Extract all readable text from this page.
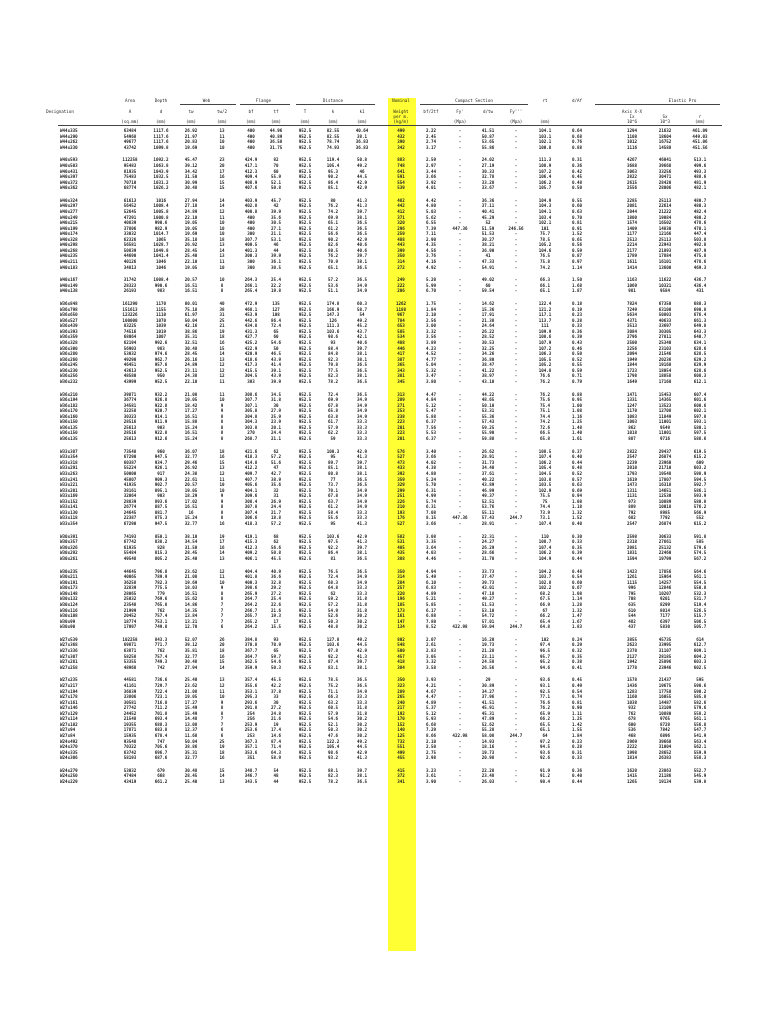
Area	Depth	Web	Flange	Distance	Nominal	Compact Section	rt	d/Af	Elastic Pro
Designation	A	d	tw	tw/2	bf	tf	T	k	k1	Weight	bf/2tf	Fy'	d/tw	Fy'''	Axis X-X
per m.	Ix	Sx	r
(sq.mm)	(mm)	(mm)	(mm)	(mm)	(mm)	(mm)	(mm)	(mm)	(kg/m)	(Mpa)	(Mpa)	(mm)	10^6	10^3	(mm)
W44x335	63484	1117.6	26.92	13	400	44.96	952.5	82.55	40.64	499	2.22	-	41.51	-	104.1	0.64	1294	21632	461.09
W44x290	54968	1117.6	21.97	11	400	40.89	952.5	82.55	38.1	432	2.45	-	50.87	-	103.1	0.68	1108	18604	449.03
W44x262	49677	1117.6	20.83	10	400	36.58	952.5	78.74	36.83	390	2.74	-	53.65	-	102.1	0.76	1012	16752	451.06
W44x230	43742	1099.8	19.69	10	400	31.75	952.5	74.93	36.83	342	3.17	-	55.86	-	100.8	0.88	1116	14588	451.56
W40x593	112258	1092.2	45.47	23	424.9	82	952.5	119.4	50.8	883	2.59	-	24.02	-	111.3	0.31	4267	46041	513.1
W40x503	95483	1063.8	39.12	20	417.1	70	952.5	105.4	49.2	748	2.97	-	27.19	-	108.9	0.36	3688	39668	499.6
W40x431	81935	1043.9	34.42	17	412.3	60	952.5	95.3	46	641	3.44	-	30.33	-	107.2	0.42	3063	33256	493.3
W40x397	75483	1032.5	31.50	16	409.4	55.9	952.5	90.2	44.5	591	3.66	-	32.78	-	106.4	0.45	2822	30471	488.6
W40x372	70710	1031.2	30.99	15	408.9	52.1	952.5	86.4	42.9	554	3.92	-	33.28	-	106.2	0.48	2615	28420	481.9
W40x362	68774	1026.2	30.48	15	407.6	50.8	952.5	85.1	42.9	539	4.01	-	33.67	-	105.7	0.50	2556	28006	482.1
W40x324	61613	1016	27.94	14	403.9	45.7	952.5	80	41.3	482	4.42	-	36.36	-	104.9	0.55	2285	25113	480.7
W40x297	56452	1008.4	27.18	14	402.8	42	952.5	76.2	41.3	442	4.80	-	37.11	-	104.3	0.60	2081	22614	480.3
W40x277	52645	1005.8	24.89	12	400.8	39.9	952.5	74.2	39.7	412	5.03	-	40.41	-	104.1	0.63	2044	21222	482.4
W40x249	47291	1000.8	22.10	11	400	35.6	952.5	69.9	38.1	371	5.62	-	45.29	-	103.4	0.70	1800	19084	480.2
W40x215	40839	990.6	19.05	10	400	30.5	952.5	65.1	36.5	320	6.55	-	52	-	102.1	0.81	1574	16502	478.6
W40x199	37806	982.9	19.05	10	400	27.1	952.5	61.2	36.5	296	7.39	447.36	51.59	246.56	101	0.91	1409	14830	470.1
W40x174	33032	1014.7	19.69	10	300	21.1	952.5	56.6	36.5	259	7.11	-	51.53	-	75.7	1.52	1177	12166	447.4
W40x328	62326	1065	35.18	18	307.7	53.1	952.5	90.2	42.9	488	2.90	-	30.27	-	78.5	0.65	2513	25113	503.8
W40x298	56581	1028.7	26.92	13	400.5	46	952.5	82.6	40.6	443	4.35	-	38.21	-	105.2	0.56	2214	22943	492.8
W40x268	50839	1049.8	28.45	14	401.3	44	952.5	80.5	40.6	399	4.56	-	36.90	-	104.6	0.59	2177	21893	487.9
W40x235	44690	1041.4	25.40	13	300.3	39.9	952.5	76.2	39.7	350	3.76	-	41	-	76.5	0.87	1789	17884	475.8
W40x211	40126	1046	22.10	11	300	36.1	952.5	70.9	38.1	314	4.16	-	47.33	-	75.8	0.97	1611	16101	478.6
W40x183	34813	1046	19.05	10	300	30.5	952.5	65.1	36.5	272	4.92	-	54.91	-	74.2	1.14	1414	13600	469.3
W40x167	31742	1008.4	20.57	10	264.3	25.4	952.5	57.2	36.5	249	5.20	-	49.02	-	66.3	1.50	1163	11622	436.7
W40x149	28323	990.6	16.51	8	266.1	22.2	952.5	53.6	34.9	222	5.99	-	60	-	66.1	1.68	1069	10321	436.4
W40x138	26193	983	16.51	8	265.4	19.8	952.5	51.1	34.9	206	6.70	-	59.54	-	65.1	1.87	981	9584	431
W36x848	161290	1170	80.01	40	472.9	135	952.5	174.8	60.3	1262	1.75	-	14.62	-	122.4	0.18	7824	67350	688.3
W36x798	151613	1155	75.18	38	468.1	127	952.5	166.9	58.7	1188	1.84	-	15.36	-	121.2	0.19	7249	63100	690.8
W36x650	123226	1110	61.97	31	453.9	108	952.5	147.3	54	967	2.10	-	17.91	-	117.1	0.23	5634	50803	676.4
W36x527	100000	1070	50.04	25	442.6	86.4	952.5	126	49.2	784	2.56	-	21.38	-	113.7	0.28	4371	40633	661.3
W36x439	83225	1039	42.16	21	434.8	72.4	952.5	111.3	45.2	653	3.00	-	24.64	-	111	0.33	3513	33697	649.8
W36x393	74516	1019	38.86	19	431.3	65	952.5	103.6	43.7	585	3.32	-	26.22	-	109.9	0.36	3084	30305	643.3
W36x359	68064	1007	35.31	18	427.7	60	952.5	98.6	42.1	534	3.56	-	28.52	-	108.6	0.39	2796	27811	640.7
W36x328	62194	992.6	32.51	16	425.2	54.6	952.5	93	40.6	488	3.89	-	30.53	-	107.9	0.43	2500	25340	634.1
W36x300	56903	983	30.48	15	422.9	50	952.5	88.4	39.7	446	4.23	-	32.25	-	107.2	0.46	2256	23103	628.6
W36x280	53032	974.6	28.45	14	420.9	46.5	952.5	84.8	38.1	417	4.52	-	34.26	-	106.3	0.50	2094	21546	628.5
W36x260	49290	962.7	26.16	13	418.6	43.9	952.5	82.3	38.1	387	4.77	-	36.80	-	105.5	0.52	1949	20236	629.2
W36x245	46451	957.6	24.89	12	417.3	41.4	952.5	79.8	36.5	365	5.04	-	38.47	-	105.2	0.55	1844	19168	629.9
W36x230	43613	952.5	23.11	12	415.5	39.1	952.5	77.5	36.5	343	5.32	-	41.22	-	104.8	0.59	1723	18054	628.6
W36x256	48580	950	24.38	12	304.5	43.9	952.5	82.3	38.1	381	3.47	-	38.97	-	76.6	0.71	1798	18858	608.3
W36x232	43999	952.5	22.10	11	303	39.9	952.5	78.2	36.5	345	3.80	-	43.10	-	76.2	0.79	1649	17168	612.1
W36x210	39871	932.2	21.08	11	308.6	34.5	952.5	72.4	36.5	313	4.47	-	44.22	-	76.2	0.88	1471	15453	607.4
W36x194	36774	926.8	19.05	10	307.7	31.8	952.5	69.9	34.9	289	4.84	-	48.65	-	75.6	0.95	1331	14365	601.6
W36x182	34581	922.8	18.42	9	307.1	30	952.5	67.8	34.9	271	5.12	-	50.10	-	75.4	1.00	1247	13523	600.6
W36x170	32258	920.7	17.27	9	305.8	27.9	952.5	65.8	34.9	253	5.47	-	53.31	-	75.1	1.08	1170	12708	602.1
W36x160	30323	914.1	16.51	8	304.8	25.9	952.5	63.8	34.9	238	5.88	-	55.36	-	74.4	1.16	1083	11849	597.8
W36x150	28516	911.9	15.88	8	304.3	23.9	952.5	61.7	33.3	223	6.37	-	57.43	-	74.2	1.25	1003	11001	593.1
W36x135	25613	903	15.24	8	303.8	20.1	952.5	57.9	33.3	201	7.56	-	59.25	-	72.6	1.48	862	9549	580.1
W36x150	28516	922.8	16.51	8	270	24.4	952.5	62.2	33.3	223	5.53	-	55.90	-	66.5	1.40	1018	11001	597.5
W36x135	25613	912.6	15.24	8	268.7	21.1	952.5	59	33.3	201	6.37	-	59.88	-	65.8	1.61	887	9716	588.6
W33x387	73548	960	36.07	18	421.6	62	952.5	100.3	42.9	576	3.40	-	26.62	-	108.5	0.37	2822	29437	619.5
W33x354	67290	947.5	32.77	16	418.3	57.2	952.5	95	41.3	527	3.66	-	28.91	-	107.4	0.40	2547	26874	615.2
W33x318	60387	934.7	29.46	15	414.8	51.6	952.5	89.7	39.7	473	4.02	-	31.73	-	106.2	0.44	2239	23960	609
W33x291	55224	926.1	26.92	13	412.2	47	952.5	85.1	38.1	433	4.38	-	34.40	-	105.4	0.48	2010	21710	603.2
W33x263	50000	917	24.38	12	409.7	42.7	952.5	80.8	38.1	392	4.80	-	37.61	-	104.5	0.52	1793	19548	598.9
W33x241	45807	909.3	22.61	11	407.7	38.9	952.5	77	36.5	359	5.24	-	40.22	-	103.8	0.57	1619	17807	594.5
W33x221	41935	902.7	20.57	10	405.6	35.6	952.5	73.7	36.5	329	5.70	-	43.89	-	103.5	0.63	1473	16318	592.7
W33x201	38161	895.1	19.05	10	404.1	32	952.5	70.1	34.9	299	6.31	-	46.99	-	102.9	0.69	1311	14651	586.1
W33x169	32064	903	18.29	9	309.6	31	952.5	67.8	34.9	251	4.99	-	49.37	-	75.5	0.94	1131	12530	593.9
W33x152	28839	893.6	17.02	9	308.4	26.9	952.5	63.7	34.9	226	5.74	-	52.51	-	75	1.08	973	10889	580.8
W33x141	26774	887.5	16.51	8	307.8	24.4	952.5	61.2	34.9	210	6.31	-	53.76	-	74.4	1.18	889	10018	576.2
W33x130	24645	881.7	16	8	307.4	21.7	952.5	58.4	33.3	193	7.08	-	55.11	-	73.9	1.32	792	8985	566.9
W33x118	22387	875.3	15.24	8	306.6	18.8	952.5	55.6	33.3	176	8.15	447.36	57.43	244.7	73.1	1.52	682	7792	552
W33x354	67290	947.5	32.77	16	418.3	57.2	952.5	95	41.3	527	3.66	-	28.91	-	107.4	0.40	2547	26874	615.2
W30x391	74193	850.1	38.10	19	419.1	68	952.5	103.6	42.9	582	3.08	-	22.31	-	110	0.30	2598	30633	591.8
W30x357	67742	838.2	34.54	17	415.3	62	952.5	97.5	41.3	531	3.35	-	24.27	-	108.7	0.33	2318	27661	585
W30x326	61935	828	31.50	16	412.3	56.6	952.5	92.2	39.7	485	3.64	-	26.29	-	107.4	0.35	2081	25132	579.6
W30x292	55484	815.3	28.45	14	409.2	50.8	952.5	86.4	38.1	435	4.03	-	28.66	-	106.2	0.39	1831	22460	574.5
W30x261	49548	805.2	25.40	13	406.1	45.5	952.5	81	36.5	388	4.46	-	31.70	-	104.9	0.44	1594	19799	567.2
W30x235	44645	796.8	23.62	12	404.4	40.9	952.5	76.5	36.5	350	4.94	-	33.73	-	104.2	0.48	1423	17856	564.6
W30x211	40065	789.9	21.08	11	401.8	36.6	952.5	72.4	34.9	314	5.49	-	37.47	-	103.7	0.54	1261	15964	561.1
W30x191	36258	782.3	19.69	10	400.3	32.8	952.5	68.3	34.9	284	6.10	-	39.73	-	102.8	0.60	1115	14257	554.5
W30x173	32839	775.5	18.03	9	398.6	29.2	952.5	64.8	33.3	257	6.83	-	43.01	-	102.2	0.67	996	12846	550.8
W30x148	28065	779	16.51	8	265.9	27.2	952.5	62	33.3	220	4.89	-	47.18	-	68.2	1.08	795	10207	532.3
W30x132	25032	769.6	15.62	8	264.7	25.4	952.5	59.2	31.8	196	5.21	-	49.27	-	67.5	1.14	708	9201	531.7
W30x124	23548	765.8	14.86	7	264.2	22.6	952.5	57.2	31.8	185	5.85	-	51.53	-	66.9	1.28	635	8299	519.4
W30x116	21999	762	14.35	7	266.7	21.6	952.5	54.9	31.8	173	6.17	-	53.10	-	67	1.32	610	8014	526.5
W30x108	20452	757.4	13.84	7	265.7	19.3	952.5	52.6	30.2	161	6.88	-	54.72	-	66.2	1.47	544	7177	515.7
W30x99	18774	753.1	13.21	7	265.2	17	952.5	50.3	30.2	147	7.80	-	57.01	-	65.4	1.67	482	6397	506.5
W30x90	17097	749.8	12.70	6	264.2	15.5	952.5	48.8	30.2	134	8.52	422.98	59.04	244.7	64.8	1.83	437	5830	505.7
W27x539	102258	843.3	52.07	26	384.8	93	952.5	127.8	49.2	802	2.07	-	16.20	-	102	0.24	3855	45735	614
W27x368	69871	771.7	39.12	20	370.8	70.9	952.5	103.6	44.5	548	2.61	-	19.73	-	97.4	0.29	2623	33995	612.7
W27x336	63871	762	35.81	18	367.7	65	952.5	97.8	42.9	500	2.83	-	21.28	-	96.5	0.32	2370	31107	609.1
W27x307	58258	757.4	32.77	16	364.7	59.7	952.5	92.2	41.3	457	3.05	-	23.11	-	95.7	0.35	2127	28185	604.2
W27x281	53355	749.3	30.48	15	362.5	54.6	952.5	87.4	39.7	418	3.32	-	24.58	-	95.2	0.38	1942	25896	603.3
W27x258	48968	742	27.94	14	359.9	50.3	952.5	83.1	38.1	384	3.58	-	26.56	-	94.6	0.41	1778	23946	602.5
W27x235	44581	736.6	25.40	13	357.4	45.5	952.5	78.5	36.5	350	3.93	-	29	-	93.6	0.45	1578	21437	595
W27x217	41161	729.7	23.62	12	355.6	42.2	952.5	75.2	36.5	323	4.21	-	30.89	-	93.1	0.49	1436	19675	590.6
W27x194	36839	722.4	21.08	11	353.1	37.8	952.5	71.1	34.9	289	4.67	-	34.27	-	92.5	0.54	1283	17758	590.2
W27x178	33806	723.1	19.05	10	295.3	33	952.5	66.3	33.3	265	4.47	-	37.96	-	77.1	0.74	1160	16055	585.8
W27x161	30581	716.8	17.27	9	293.6	30	952.5	63.2	33.3	240	4.89	-	41.51	-	76.6	0.81	1038	14487	582.6
W27x146	27742	711.2	15.49	8	291.8	27.2	952.5	60.5	31.8	217	5.37	-	45.91	-	76.2	0.90	932	13109	579.6
W27x129	24452	701.8	15.49	8	254	24.8	952.5	57.9	31.8	192	5.12	-	45.31	-	65.9	1.11	762	10880	558.2
W27x114	21548	693.4	14.48	7	256	21.6	952.5	54.6	30.2	170	5.93	-	47.89	-	66.2	1.25	678	9765	561.1
W27x102	19355	688.3	13.08	7	253.9	19	952.5	52.1	30.2	152	6.68	-	52.62	-	65.5	1.42	600	8728	556.8
W27x94	17871	683.8	12.37	6	253.6	17.4	952.5	50.3	30.2	140	7.29	-	55.28	-	65.1	1.55	536	7842	547.7
W27x84	15935	678.4	11.68	6	253	14.6	952.5	47.6	30.2	125	8.66	422.98	58.08	244.7	64	1.84	468	6896	541.9
W24x492	93548	747	50.04	25	367.3	87.4	952.5	122.2	49.2	732	2.10	-	14.93	-	97.2	0.23	2969	39668	563.4
W24x370	70322	705.6	38.86	19	357.1	71.4	952.5	105.4	44.5	551	2.50	-	18.16	-	94.5	0.28	2222	31004	562.1
W24x335	63742	696.7	35.31	18	353.6	64.3	952.5	98.6	42.9	499	2.75	-	19.73	-	93.6	0.31	1998	28652	559.9
W24x306	58193	687.6	32.77	16	351	58.9	952.5	93.2	41.3	455	2.98	-	20.98	-	92.6	0.33	1814	26383	558.3
W24x279	53032	679	30.48	15	348.7	54	952.5	88.1	39.7	415	3.23	-	22.28	-	91.9	0.36	1620	23863	552.7
W24x250	47484	668	28.45	14	346.7	48	952.5	82.3	38.1	372	3.61	-	23.48	-	91.2	0.40	1415	21186	545.9
W24x229	43419	661.2	25.40	13	343.5	44	952.5	78.2	36.5	341	3.90	-	26.03	-	90.4	0.44	1265	19134	539.8
